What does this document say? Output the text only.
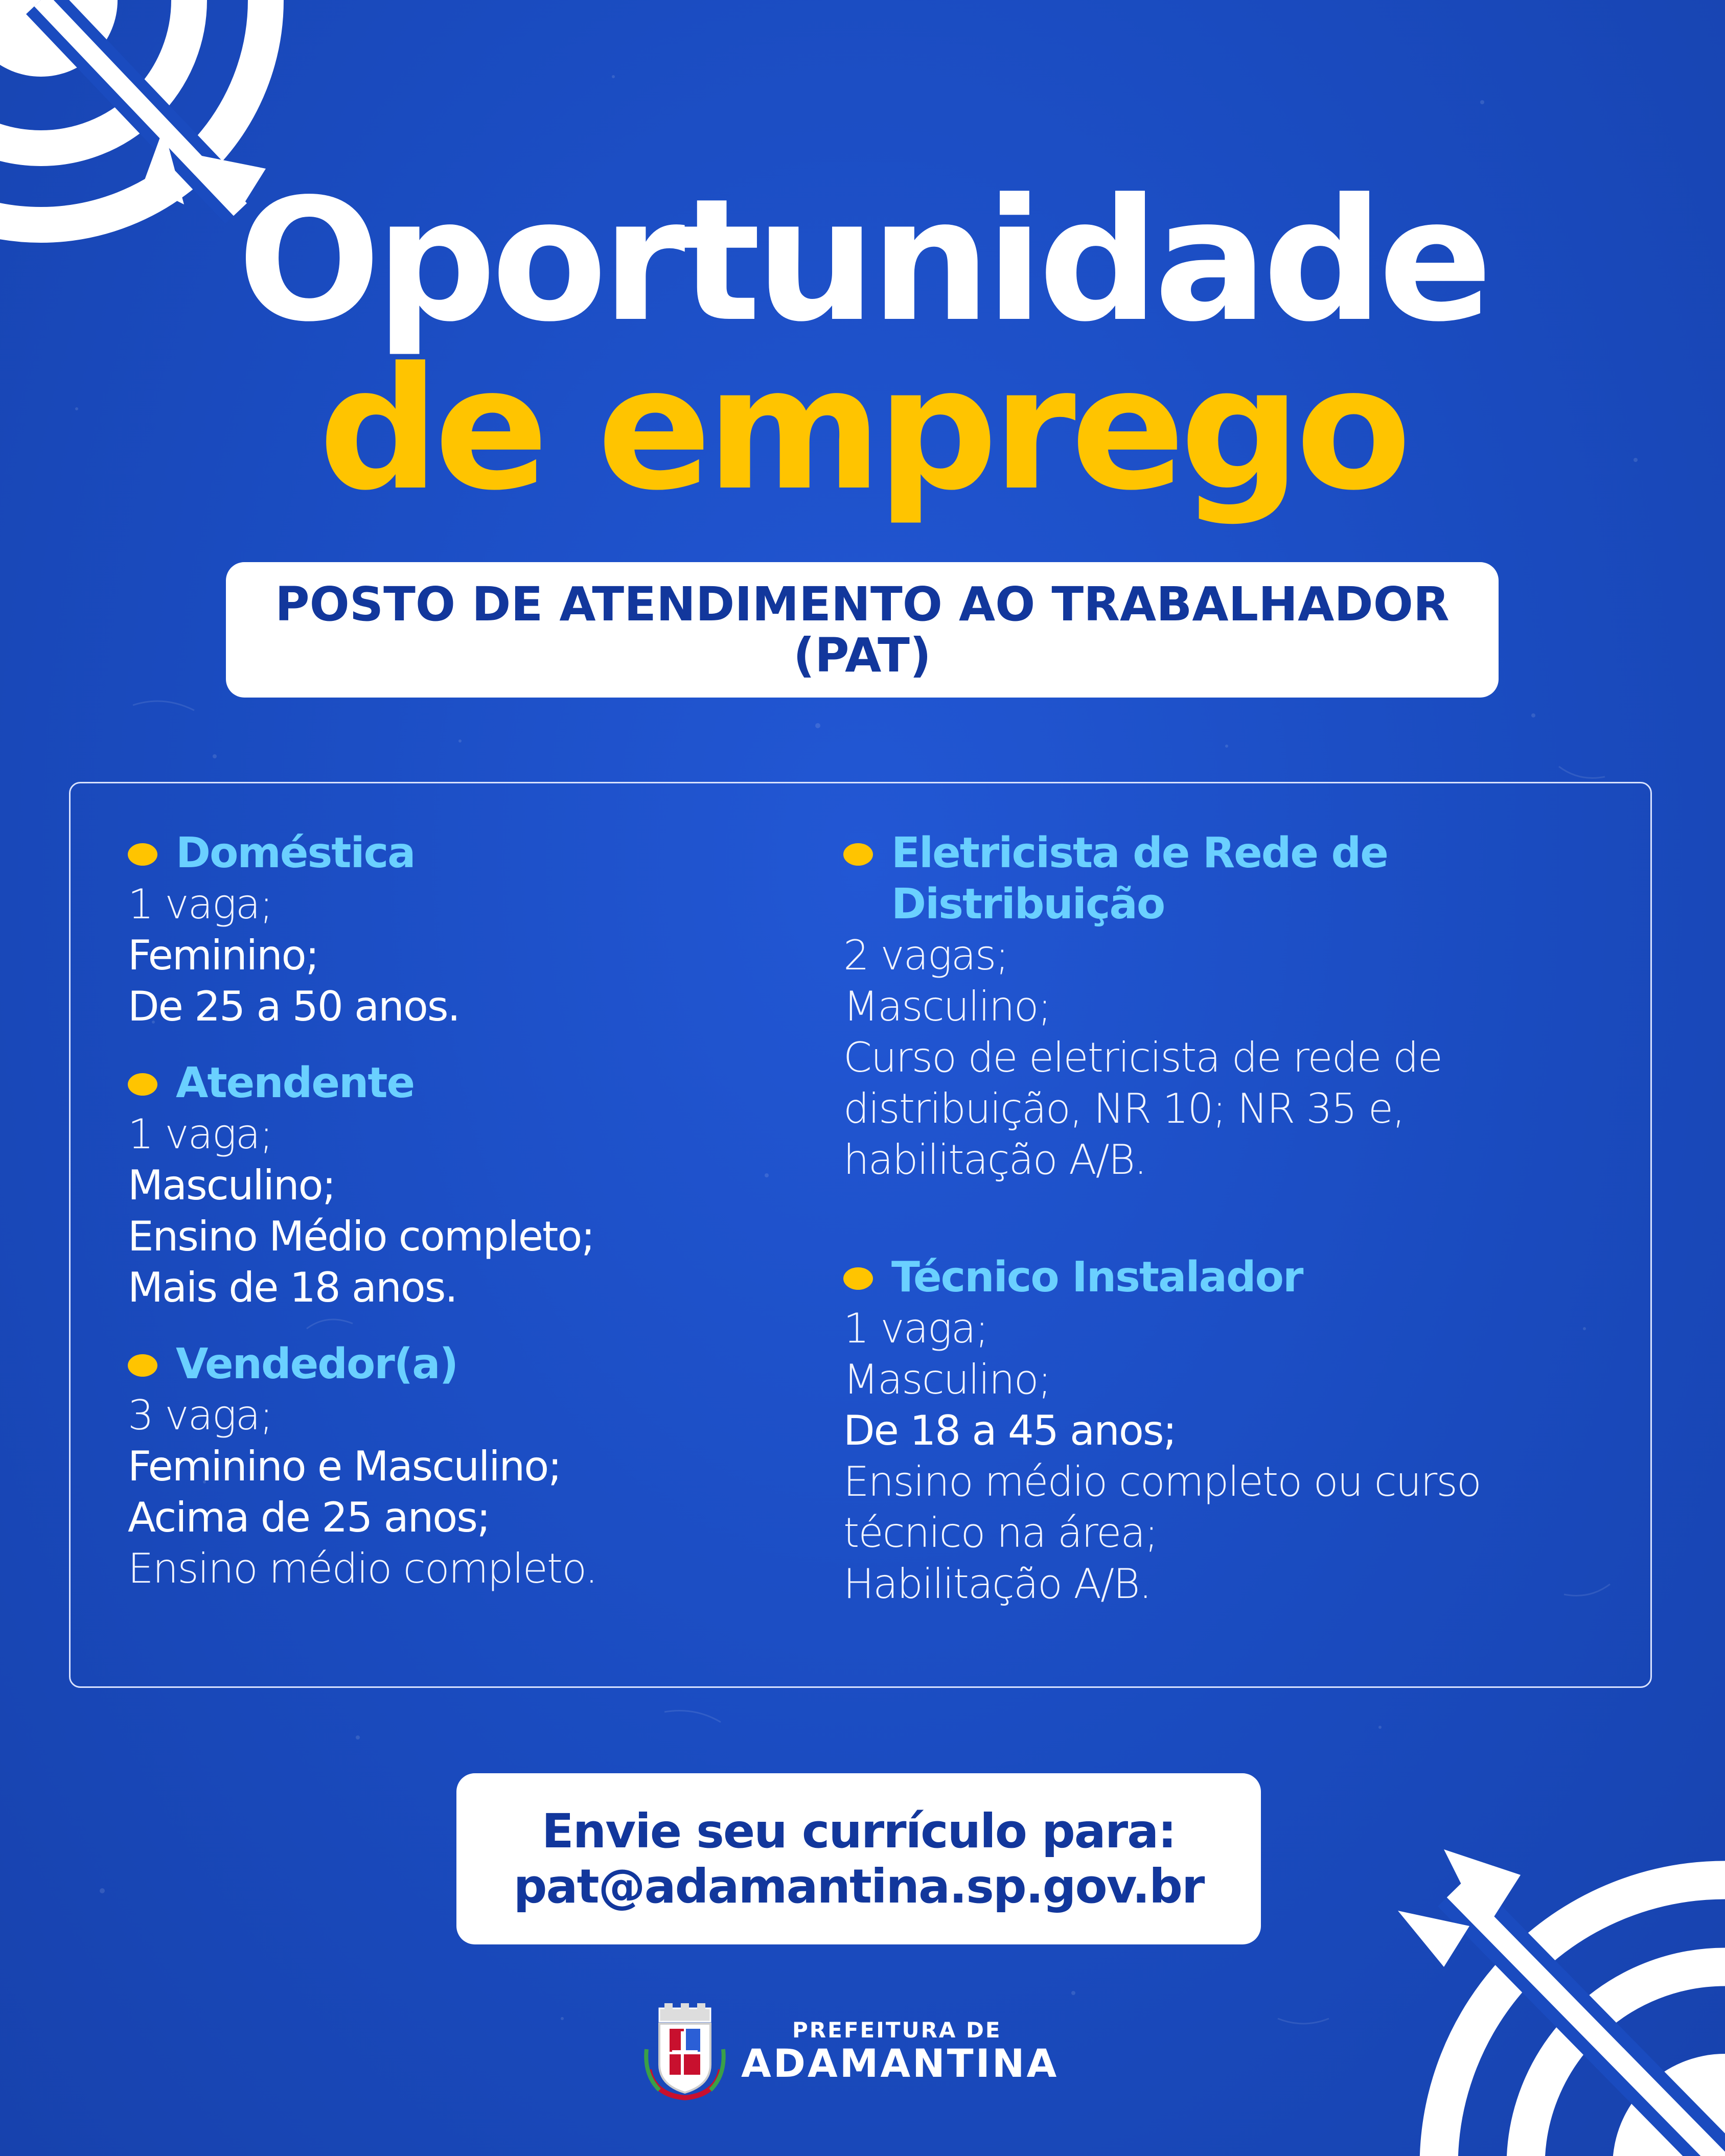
Oportunidade
de emprego
POSTO DE ATENDIMENTO AO TRABALHADOR
(PAT)
Doméstica
1 vaga;
Feminino;
De 25 a 50 anos.
Atendente
1 vaga;
Masculino;
Ensino Médio completo;
Mais de 18 anos.
Vendedor(a)
3 vaga;
Feminino e Masculino;
Acima de 25 anos;
Ensino médio completo.
Eletricista de Rede de
Distribuição
2 vagas;
Masculino;
Curso de eletricista de rede de
distribuição, NR 10; NR 35 e,
habilitação A/B.
Técnico Instalador
1 vaga;
Masculino;
De 18 a 45 anos;
Ensino médio completo ou curso
técnico na área;
Habilitação A/B.
Envie seu currículo para:
pat@adamantina.sp.gov.br
PREFEITURA DE
ADAMANTINA
